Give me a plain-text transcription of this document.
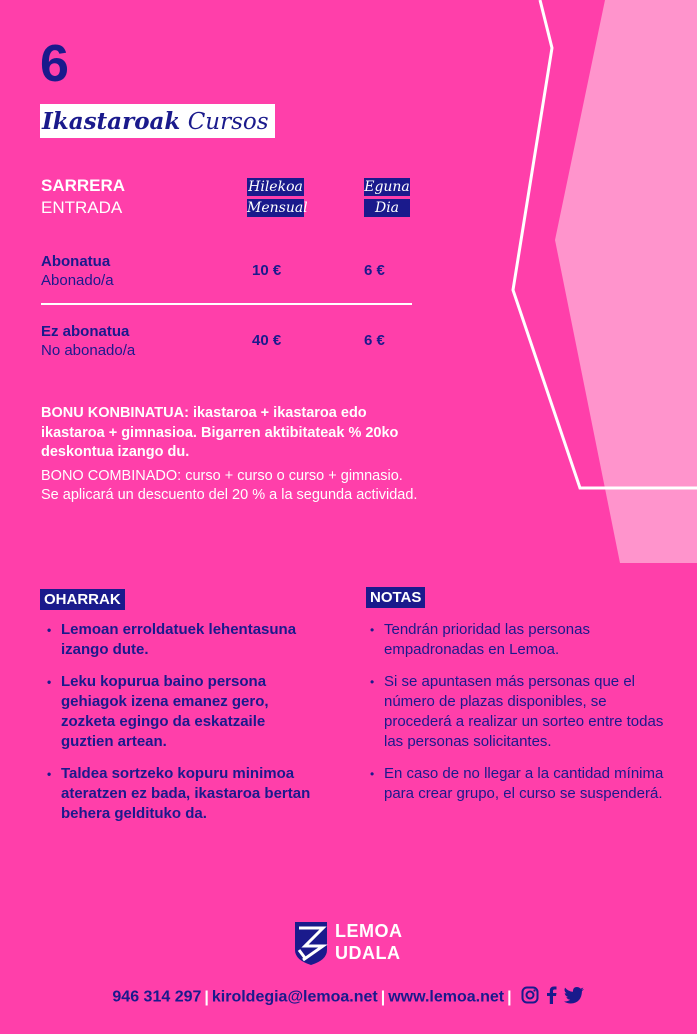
6
Ikastaroak Cursos
SARRERA
ENTRADA
Hilekoa
Mensual
Eguna
Dia
Abonatua
Abonado/a
10 €	6 €
Ez abonatua
No abonado/a
40 €	6 €
BONU KONBINATUA: ikastaroa + ikastaroa edo ikastaroa + gimnasioa. Bigarren aktibitateak % 20ko deskontua izango du.
BONO COMBINADO: curso + curso o curso + gimnasio. Se aplicará un descuento del 20 % a la segunda actividad.
OHARRAK
• Lemoan erroldatuek lehentasuna izango dute.
• Leku kopurua baino persona gehiagok izena emanez gero, zozketa egingo da eskatzaile guztien artean.
• Taldea sortzeko kopuru minimoa ateratzen ez bada, ikastaroa bertan behera geldituko da.
NOTAS
• Tendrán prioridad las personas empadronadas en Lemoa.
• Si se apuntasen más personas que el número de plazas disponibles, se procederá a realizar un sorteo entre todas las personas solicitantes.
• En caso de no llegar a la cantidad mínima para crear grupo, el curso se suspenderá.
LEMOA
UDALA
946 314 297 | kiroldegia@lemoa.net | www.lemoa.net |
